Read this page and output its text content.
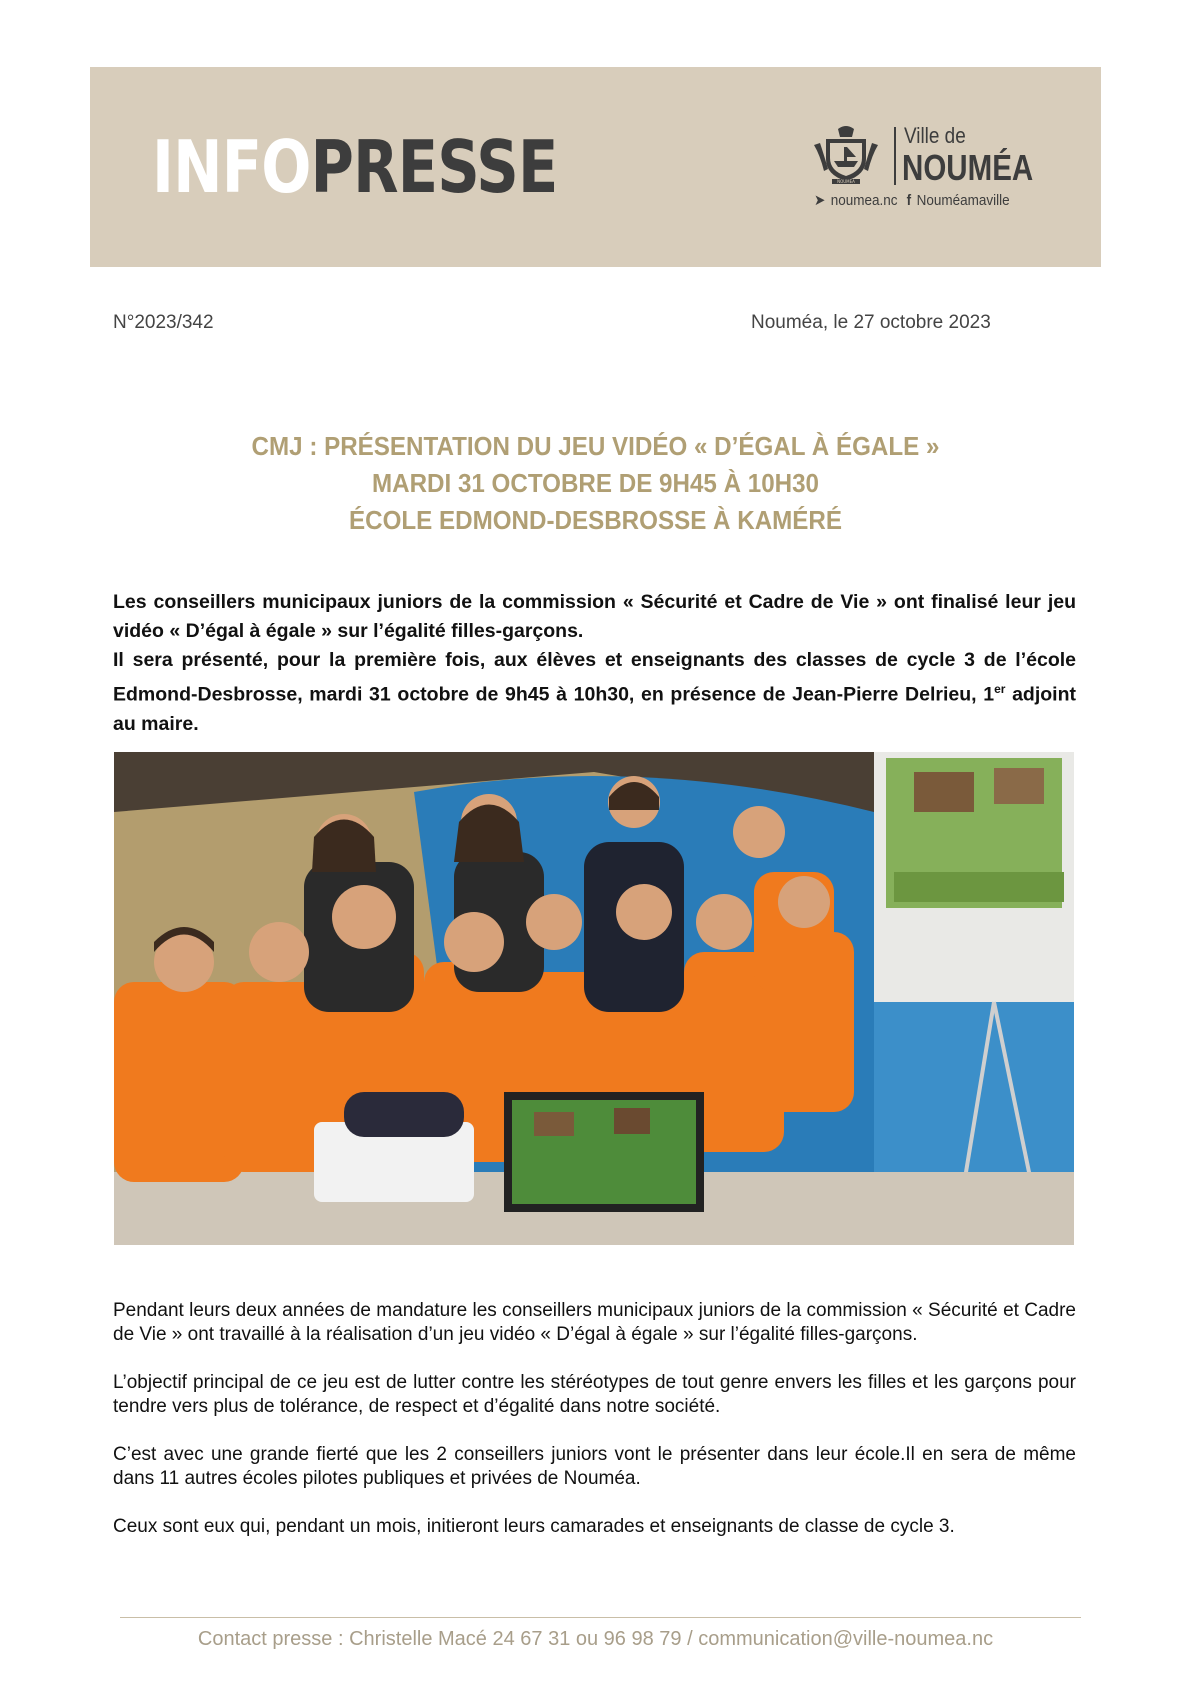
INFOPRESSE	NOUMÉA
Ville de
NOUMÉA
➤ noumea.nc f Nouméamaville
N°2023/342	Nouméa, le 27 octobre 2023
CMJ : PRÉSENTATION DU JEU VIDÉO « D’ÉGAL À ÉGALE »
MARDI 31 OCTOBRE DE 9H45 À 10H30
ÉCOLE EDMOND-DESBROSSE À KAMÉRÉ

Les conseillers municipaux juniors de la commission « Sécurité et Cadre de Vie » ont finalisé leur jeu vidéo « D’égal à égale » sur l’égalité filles-garçons.

Il sera présenté, pour la première fois, aux élèves et enseignants des classes de cycle 3 de l’école Edmond-Desbrosse, mardi 31 octobre de 9h45 à 10h30, en présence de Jean-Pierre Delrieu, 1er adjoint au maire.

Pendant leurs deux années de mandature les conseillers municipaux juniors de la commission « Sécurité et Cadre de Vie » ont travaillé à la réalisation d’un jeu vidéo « D’égal à égale » sur l’égalité filles-garçons.

L’objectif principal de ce jeu est de lutter contre les stéréotypes de tout genre envers les filles et les garçons pour tendre vers plus de tolérance, de respect et d’égalité dans notre société.

C’est avec une grande fierté que les 2 conseillers juniors vont le présenter dans leur école.Il en sera de même dans 11 autres écoles pilotes publiques et privées de Nouméa.

Ceux sont eux qui, pendant un mois, initieront leurs camarades et enseignants de classe de cycle 3.

Contact presse : Christelle Macé 24 67 31 ou 96 98 79 / communication@ville-noumea.nc
